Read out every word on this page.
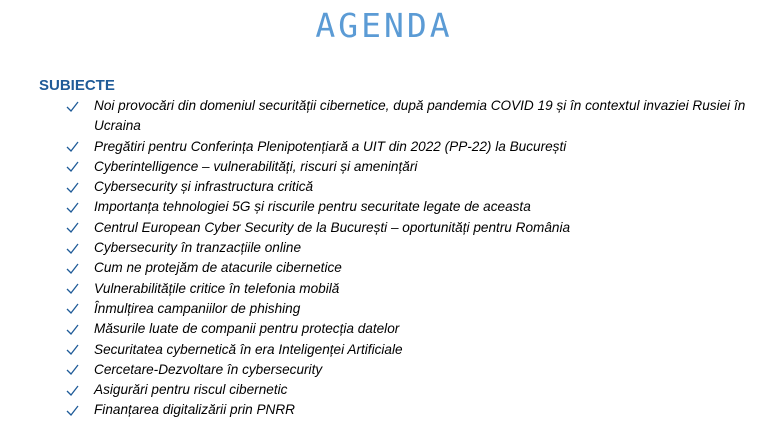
AGENDA
SUBIECTE
Noi provocări din domeniul securității cibernetice, după pandemia COVID 19 și în contextul invaziei Rusiei în Ucraina
Pregătiri pentru Conferința Plenipotențiară a UIT din 2022 (PP-22) la București
Cyberintelligence – vulnerabilități, riscuri și amenințări
Cybersecurity și infrastructura critică
Importanța tehnologiei 5G și riscurile pentru securitate legate de aceasta
Centrul European Cyber Security de la București – oportunități pentru România
Cybersecurity în tranzacțiile online
Cum ne protejăm de atacurile cibernetice
Vulnerabilitățile critice în telefonia mobilă
Înmulțirea campaniilor de phishing
Măsurile luate de companii pentru protecția datelor
Securitatea cybernetică în era Inteligenței Artificiale
Cercetare-Dezvoltare în cybersecurity
Asigurări pentru riscul cibernetic
Finanțarea digitalizării prin PNRR
